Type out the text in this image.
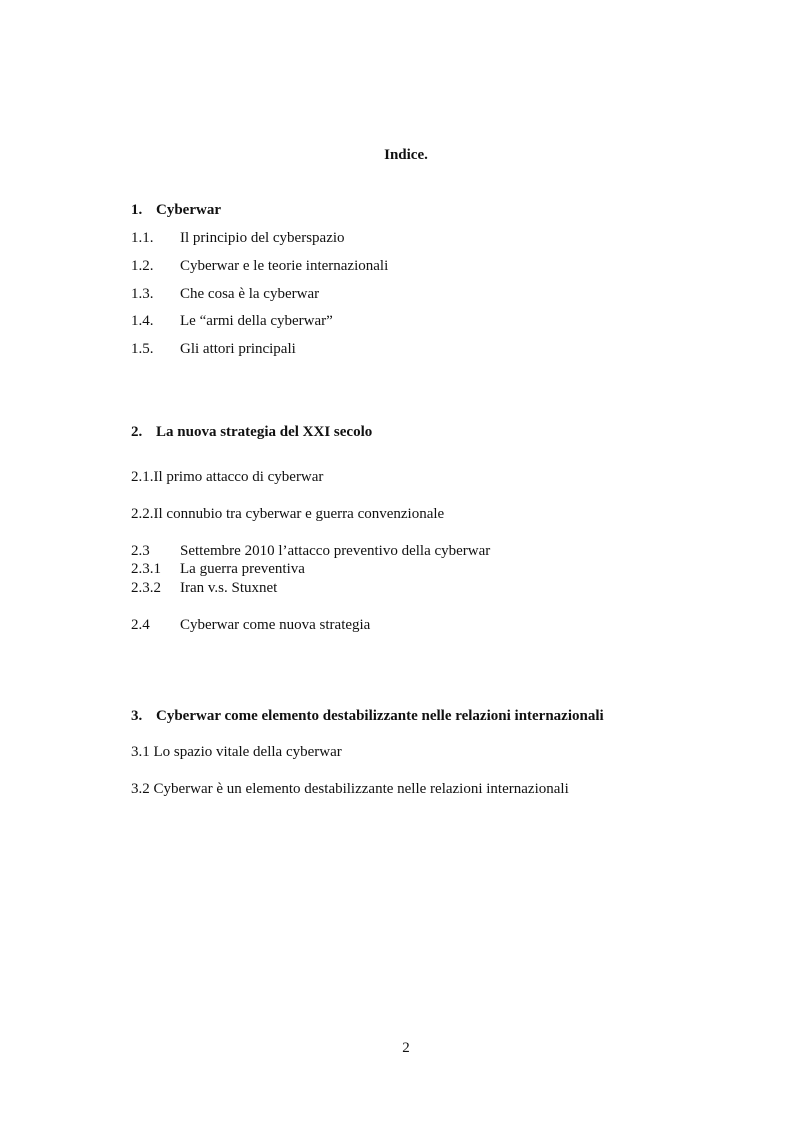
Indice.
1. Cyberwar
1.1. Il principio del cyberspazio
1.2. Cyberwar e le teorie internazionali
1.3. Che cosa è la cyberwar
1.4. Le “armi della cyberwar”
1.5. Gli attori principali
2. La nuova strategia del XXI secolo
2.1.Il primo attacco di cyberwar
2.2.Il connubio tra cyberwar e guerra convenzionale
2.3 Settembre 2010 l’attacco preventivo della cyberwar
2.3.1 La guerra preventiva
2.3.2 Iran v.s. Stuxnet
2.4 Cyberwar come nuova strategia
3. Cyberwar come elemento destabilizzante nelle relazioni internazionali
3.1 Lo spazio vitale della cyberwar
3.2 Cyberwar è un elemento destabilizzante nelle relazioni internazionali
2
